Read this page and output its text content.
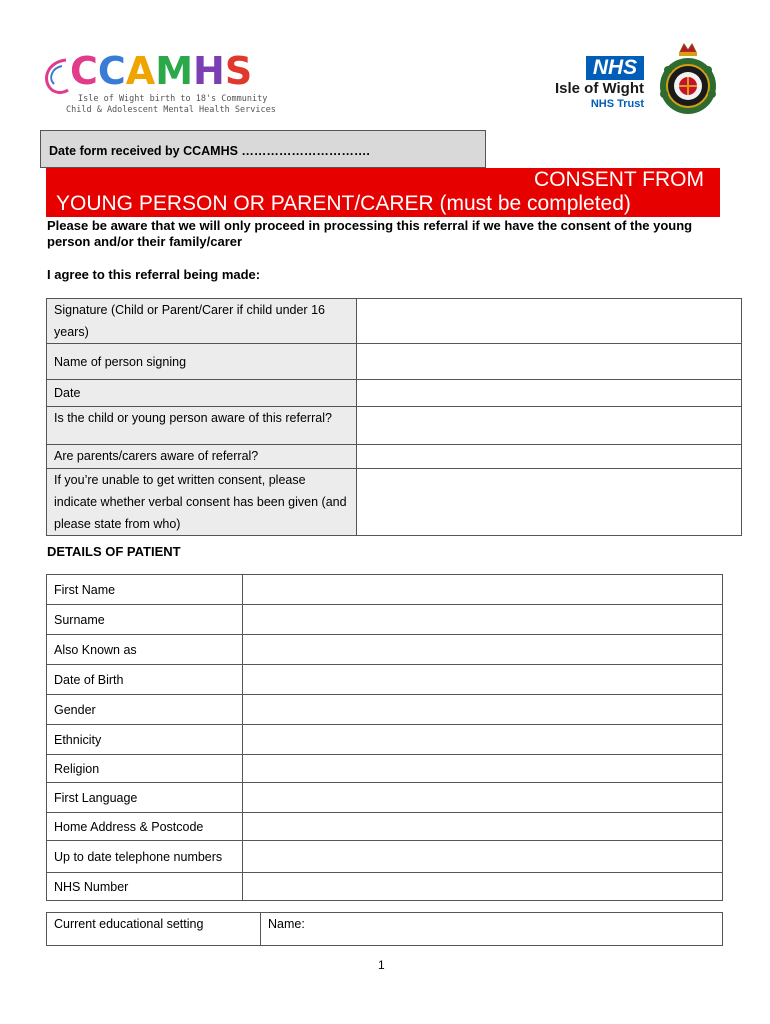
CCAMHS
Isle of Wight birth to 18's Community
Child & Adolescent Mental Health Services
NHS
Isle of Wight
NHS Trust
Date form received by CCAMHS ………………………….
CONSENT FROM
YOUNG PERSON OR PARENT/CARER (must be completed)
Please be aware that we will only proceed in processing this referral if we have the consent of the young person and/or their family/carer
I agree to this referral being made:
Signature (Child or Parent/Carer if child under 16 years)	
Name of person signing	
Date	
Is the child or young person aware of this referral?	
Are parents/carers aware of referral?	
If you’re unable to get written consent, please indicate whether verbal consent has been given (and please state from who)	
DETAILS OF PATIENT
First Name	
Surname	
Also Known as	
Date of Birth	
Gender	
Ethnicity	
Religion	
First Language	
Home Address & Postcode	
Up to date telephone numbers	
NHS Number	
Current educational setting	Name:
1
